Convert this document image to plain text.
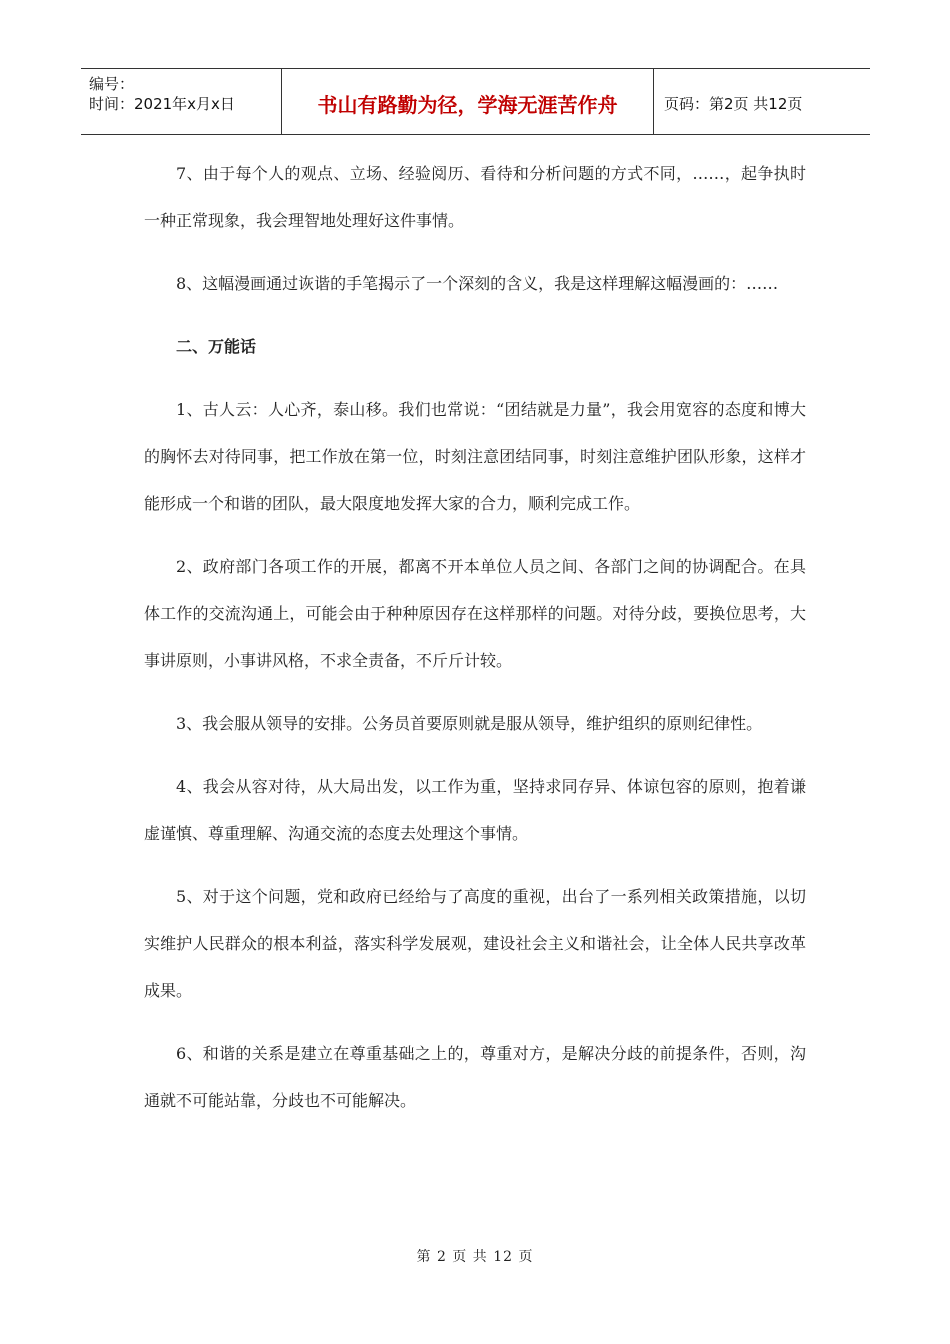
编号：
时间：2021年x月x日	书山有路勤为径，学海无涯苦作舟	页码：第2页 共12页

7、由于每个人的观点、立场、经验阅历、看待和分析问题的方式不同，……，起争执时一种正常现象，我会理智地处理好这件事情。

8、这幅漫画通过诙谐的手笔揭示了一个深刻的含义，我是这样理解这幅漫画的：……

二、万能话

1、古人云：人心齐，泰山移。我们也常说：“团结就是力量”，我会用宽容的态度和博大的胸怀去对待同事，把工作放在第一位，时刻注意团结同事，时刻注意维护团队形象，这样才能形成一个和谐的团队，最大限度地发挥大家的合力，顺利完成工作。

2、政府部门各项工作的开展，都离不开本单位人员之间、各部门之间的协调配合。在具体工作的交流沟通上，可能会由于种种原因存在这样那样的问题。对待分歧，要换位思考，大事讲原则，小事讲风格，不求全责备，不斤斤计较。

3、我会服从领导的安排。公务员首要原则就是服从领导，维护组织的原则纪律性。

4、我会从容对待，从大局出发，以工作为重，坚持求同存异、体谅包容的原则，抱着谦虚谨慎、尊重理解、沟通交流的态度去处理这个事情。

5、对于这个问题，党和政府已经给与了高度的重视，出台了一系列相关政策措施，以切实维护人民群众的根本利益，落实科学发展观，建设社会主义和谐社会，让全体人民共享改革成果。

6、和谐的关系是建立在尊重基础之上的，尊重对方，是解决分歧的前提条件，否则，沟通就不可能站靠，分歧也不可能解决。

第 2 页 共 12 页
